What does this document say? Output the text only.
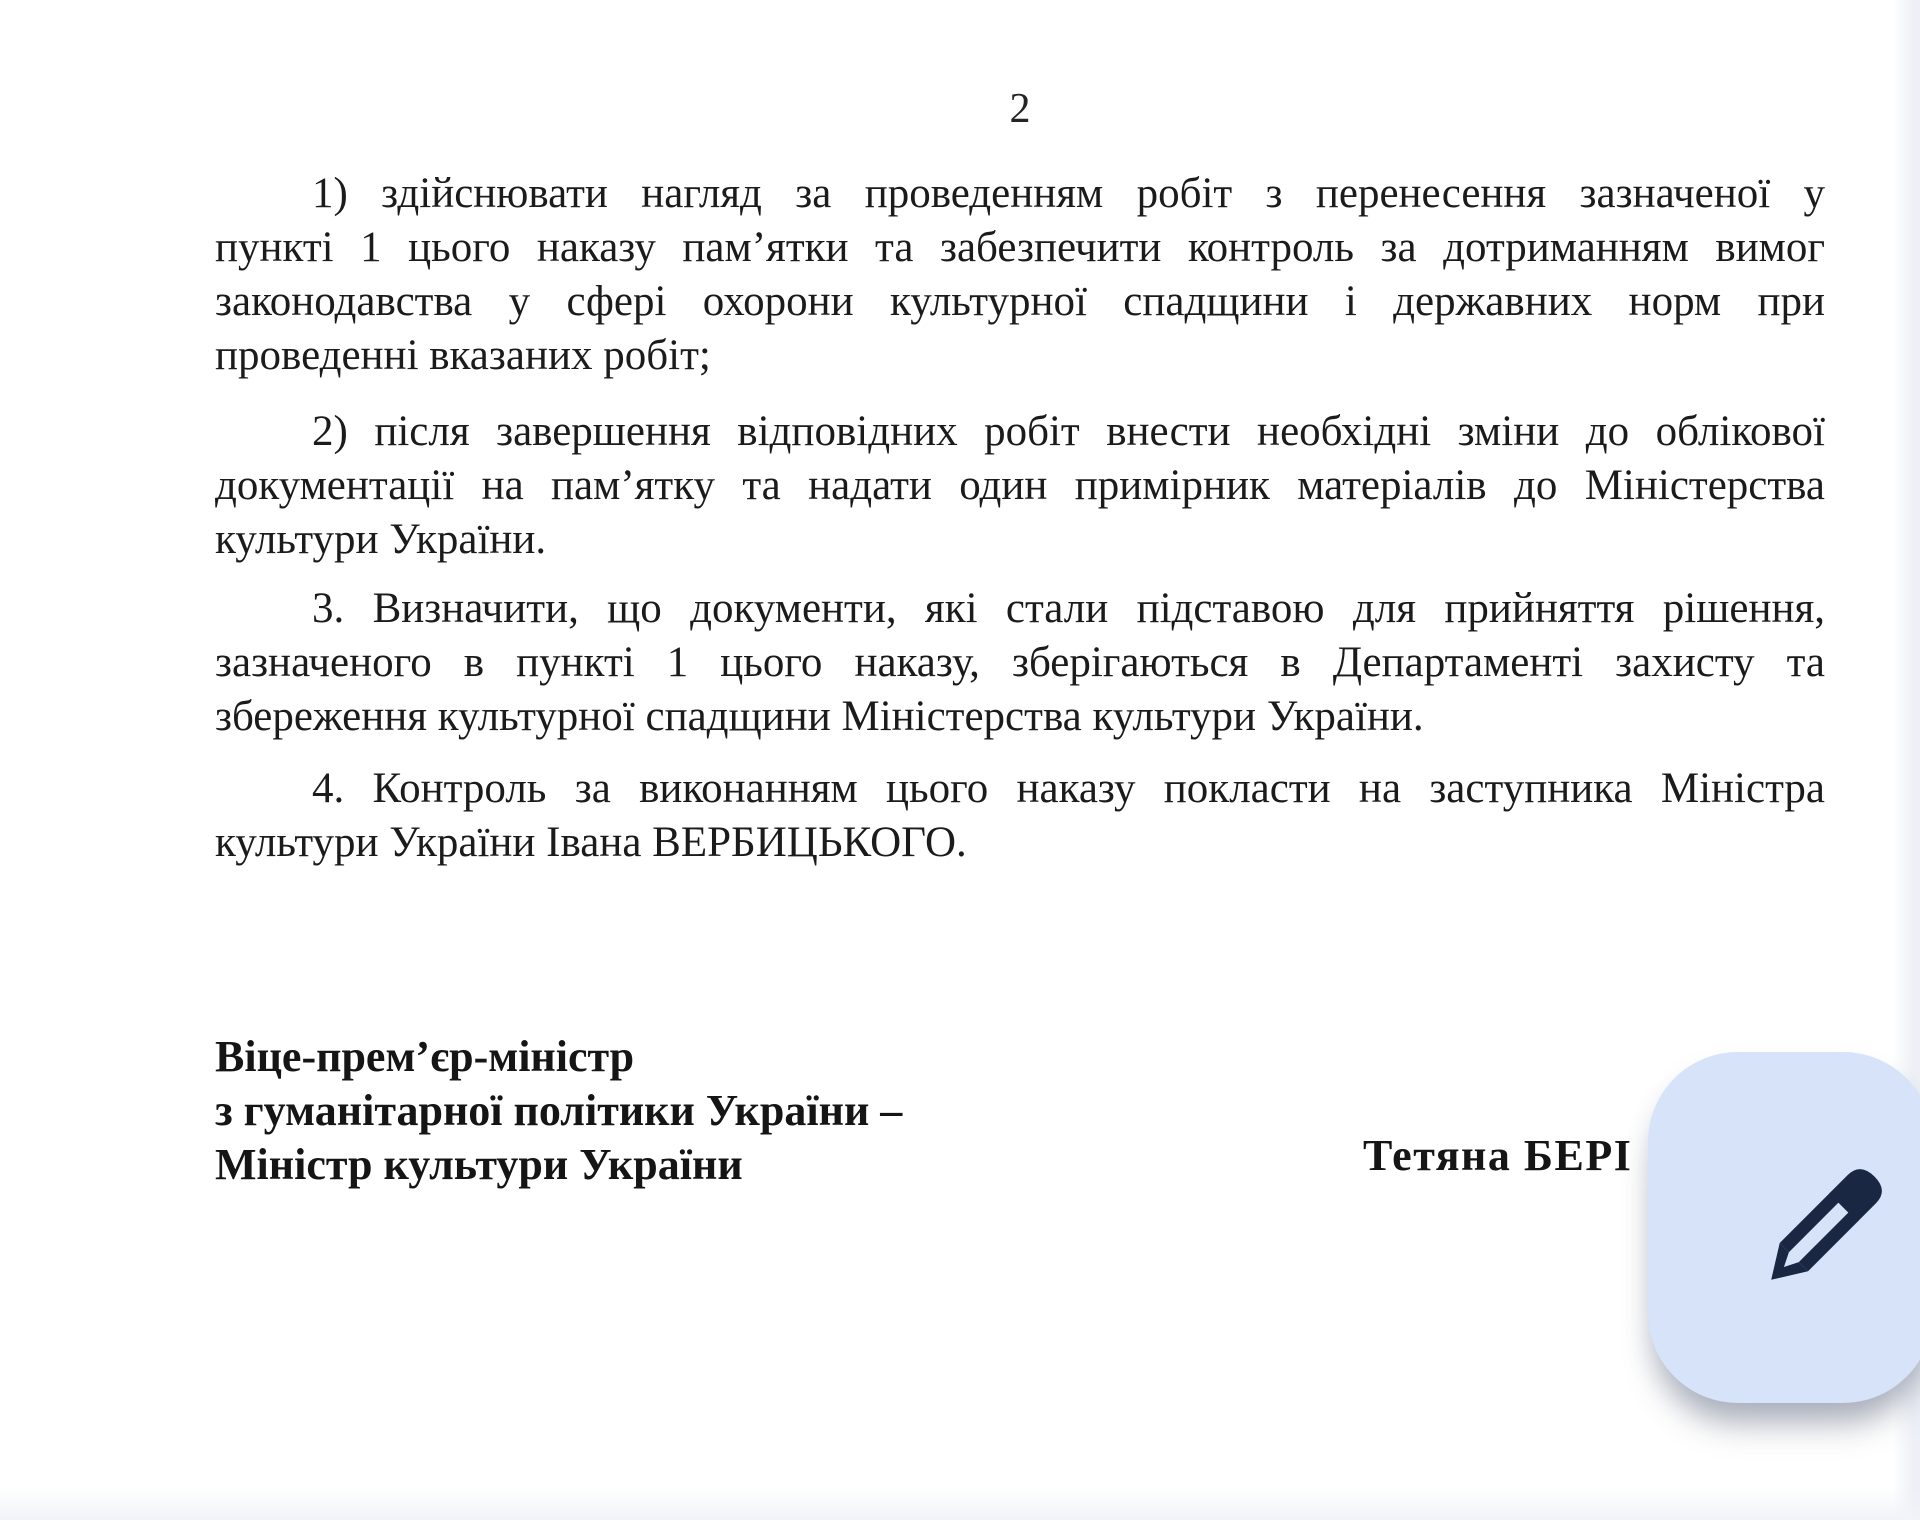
2
1) здійснювати нагляд за проведенням робіт з перенесення зазначеної у
пункті 1 цього наказу пам’ятки та забезпечити контроль за дотриманням вимог
законодавства у сфері охорони культурної спадщини і державних норм при
проведенні вказаних робіт;
2) після завершення відповідних робіт внести необхідні зміни до облікової
документації на пам’ятку та надати один примірник матеріалів до Міністерства
культури України.
3. Визначити, що документи, які стали підставою для прийняття рішення,
зазначеного в пункті 1 цього наказу, зберігаються в Департаменті захисту та
збереження культурної спадщини Міністерства культури України.
4. Контроль за виконанням цього наказу покласти на заступника Міністра
культури України Івана ВЕРБИЦЬКОГО.
Віце-прем’єр-міністр
з гуманітарної політики України –
Міністр культури України	Тетяна БЕРІ
